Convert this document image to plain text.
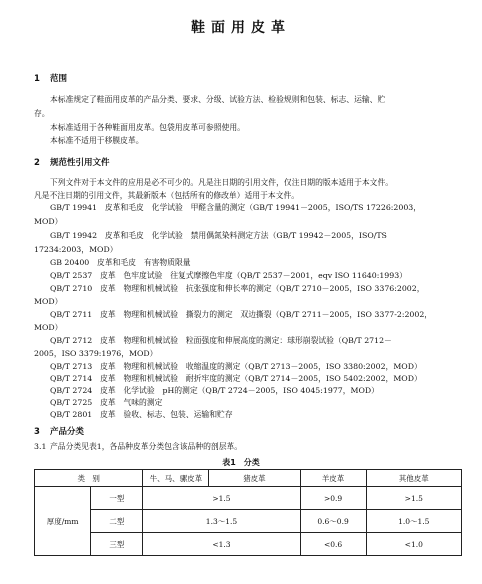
鞋面用皮革
1 范围
本标准规定了鞋面用皮革的产品分类、要求、分级、试验方法、检验规则和包装、标志、运输、贮
存。
本标准适用于各种鞋面用皮革。包袋用皮革可参照使用。
本标准不适用于移膜皮革。
2 规范性引用文件
下列文件对于本文件的应用是必不可少的。凡是注日期的引用文件，仅注日期的版本适用于本文件。
凡是不注日期的引用文件，其最新版本（包括所有的修改单）适用于本文件。
GB/T 19941　 皮革和毛皮　化学试验　甲醛含量的测定（GB/T 19941－2005，ISO/TS 17226:2003，
MOD）
GB/T 19942　 皮革和毛皮　化学试验　禁用偶氮染料测定方法（GB/T 19942－2005，ISO/TS
17234:2003，MOD）
GB 20400　 皮革和毛皮　有害物质限量
QB/T 2537　 皮革　色牢度试验　往复式摩擦色牢度（QB/T 2537－2001，eqv ISO 11640:1993）
QB/T 2710　 皮革　物理和机械试验　抗张强度和伸长率的测定（QB/T 2710－2005，ISO 3376:2002，
MOD）
QB/T 2711　 皮革　物理和机械试验　撕裂力的测定　双边撕裂（QB/T 2711－2005，ISO 3377-2:2002，
MOD）
QB/T 2712　 皮革　物理和机械试验　粒面强度和伸展高度的测定：球形崩裂试验（QB/T 2712－
2005，ISO 3379:1976，MOD）
QB/T 2713　 皮革　物理和机械试验　收缩温度的测定（QB/T 2713－2005，ISO 3380:2002，MOD）
QB/T 2714　 皮革　物理和机械试验　耐折牢度的测定（QB/T 2714－2005，ISO 5402:2002，MOD）
QB/T 2724　 皮革　化学试验　pH的测定（QB/T 2724－2005，ISO 4045:1977，MOD）
QB/T 2725　 皮革　气味的测定
QB/T 2801　 皮革　验收、标志、包装、运输和贮存
3 产品分类
3.1 产品分类见表1，各品种皮革分类包含该品种的剖层革。
表1　分类
类　别		牛、马、骡皮革	猪皮革	羊皮革	其他皮革
厚度/mm	一型	>1.5		>0.9	>1.5
	二型	1.3～1.5		0.6～0.9	1.0～1.5
	三型	<1.3		<0.6	<1.0
